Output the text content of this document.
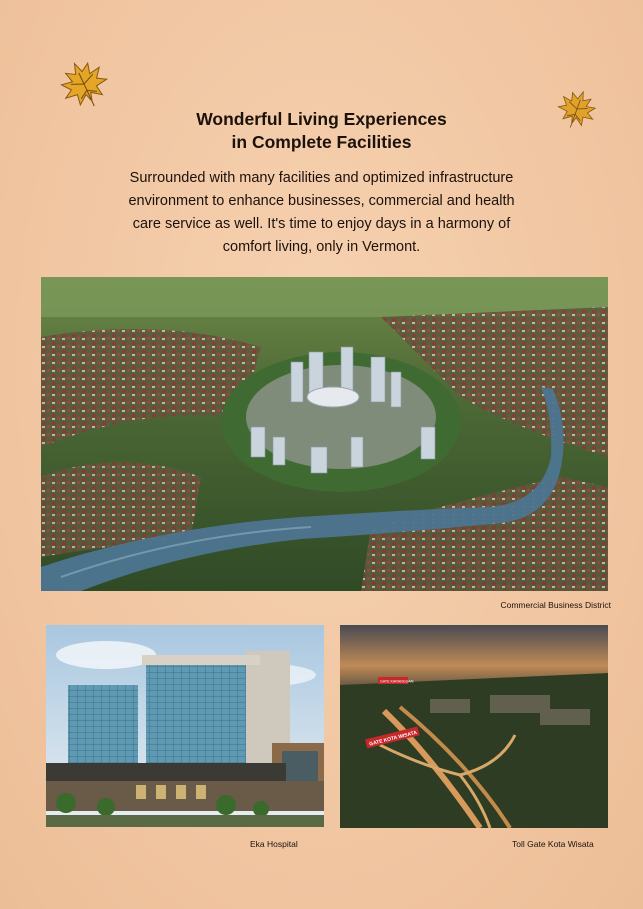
Wonderful Living Experiences
in Complete Facilities
Surrounded with many facilities and optimized infrastructure
environment to enhance businesses, commercial and health
care service as well. It's time to enjoy days in a harmony of
comfort living, only in Vermont.
Commercial Business District
Eka Hospital
GATE KARANGGAN
GATE KOTA WISATA
Toll Gate Kota Wisata
